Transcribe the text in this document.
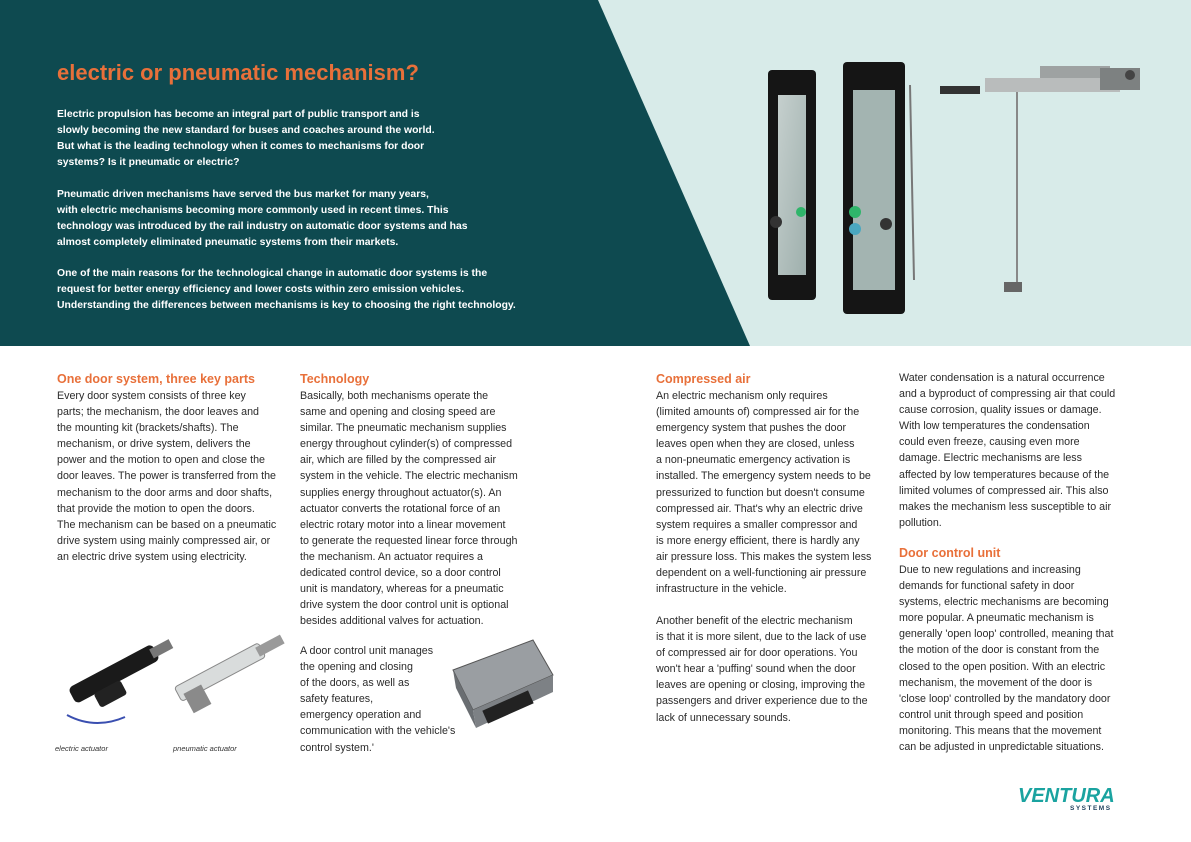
electric or pneumatic mechanism?

Electric propulsion has become an integral part of public transport and is
slowly becoming the new standard for buses and coaches around the world.
But what is the leading technology when it comes to mechanisms for door
systems? Is it pneumatic or electric?

Pneumatic driven mechanisms have served the bus market for many years,
with electric mechanisms becoming more commonly used in recent times. This
technology was introduced by the rail industry on automatic door systems and has
almost completely eliminated pneumatic systems from their markets.

One of the main reasons for the technological change in automatic door systems is the
request for better energy efficiency and lower costs within zero emission vehicles.
Understanding the differences between mechanisms is key to choosing the right technology.

One door system, three key parts

Every door system consists of three key
parts; the mechanism, the door leaves and
the mounting kit (brackets/shafts). The
mechanism, or drive system, delivers the
power and the motion to open and close the
door leaves. The power is transferred from the
mechanism to the door arms and door shafts,
that provide the motion to open the doors.
The mechanism can be based on a pneumatic
drive system using mainly compressed air, or
an electric drive system using electricity.

electric actuator	pneumatic actuator
Technology

Basically, both mechanisms operate the
same and opening and closing speed are
similar. The pneumatic mechanism supplies
energy throughout cylinder(s) of compressed
air, which are filled by the compressed air
system in the vehicle. The electric mechanism
supplies energy throughout actuator(s). An
actuator converts the rotational force of an
electric rotary motor into a linear movement
to generate the requested linear force through
the mechanism. An actuator requires a
dedicated control device, so a door control
unit is mandatory, whereas for a pneumatic
drive system the door control unit is optional
besides additional valves for actuation.

A door control unit manages
the opening and closing
of the doors, as well as
safety features,
emergency operation and
communication with the vehicle's
control system.'

Compressed air

An electric mechanism only requires
(limited amounts of) compressed air for the
emergency system that pushes the door
leaves open when they are closed, unless
a non-pneumatic emergency activation is
installed. The emergency system needs to be
pressurized to function but doesn't consume
compressed air. That's why an electric drive
system requires a smaller compressor and
is more energy efficient, there is hardly any
air pressure loss. This makes the system less
dependent on a well-functioning air pressure
infrastructure in the vehicle.

Another benefit of the electric mechanism
is that it is more silent, due to the lack of use
of compressed air for door operations. You
won't hear a 'puffing' sound when the door
leaves are opening or closing, improving the
passengers and driver experience due to the
lack of unnecessary sounds.

Water condensation is a natural occurrence
and a byproduct of compressing air that could
cause corrosion, quality issues or damage.
With low temperatures the condensation
could even freeze, causing even more
damage. Electric mechanisms are less
affected by low temperatures because of the
limited volumes of compressed air. This also
makes the mechanism less susceptible to air
pollution.

Door control unit

Due to new regulations and increasing
demands for functional safety in door
systems, electric mechanisms are becoming
more popular. A pneumatic mechanism is
generally 'open loop' controlled, meaning that
the motion of the door is constant from the
closed to the open position. With an electric
mechanism, the movement of the door is
'close loop' controlled by the mandatory door
control unit through speed and position
monitoring. This means that the movement
can be adjusted in unpredictable situations.

VENTURA
SYSTEMS
